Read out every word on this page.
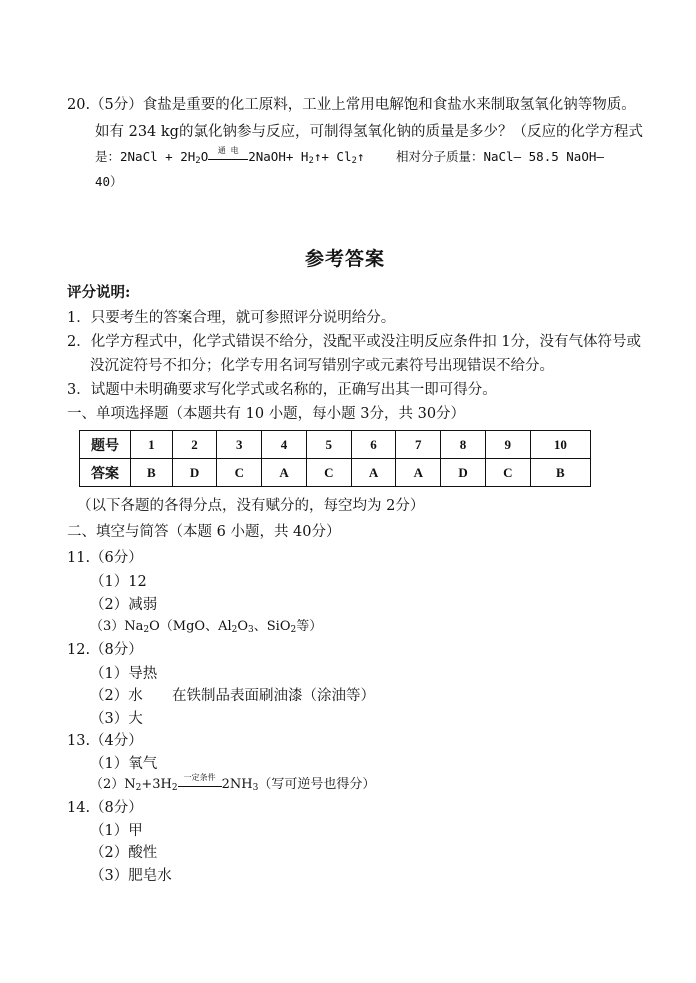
20.（5分）食盐是重要的化工原料，工业上常用电解饱和食盐水来制取氢氧化钠等物质。
如有 234 kg的氯化钠参与反应，可制得氢氧化钠的质量是多少？（反应的化学方程式
是：2NaCl + $2H_2O$	通 电 2NaOH+ $H_2↑+$ $Cl_2↑$	相对分子质量：NaCl— 58.5 NaOH—
40）
参考答案
评分说明:
1．只要考生的答案合理，就可参照评分说明给分。
2．化学方程式中，化学式错误不给分，没配平或没注明反应条件扣 1分，没有气体符号或
没沉淀符号不扣分；化学专用名词写错别字或元素符号出现错误不给分。
3．试题中未明确要求写化学式或名称的，正确写出其一即可得分。
一、单项选择题（本题共有 10 小题，每小题 3分，共 30分）
题号	1	2	3	4	5	6	7	8	9	10
答案	B	D	C	A	C	A	A	D	C	B
（以下各题的各得分点，没有赋分的，每空均为 2分）
二、填空与简答（本题 6 小题，共 40分）
11.（6分）
（1）12
（2）减弱
$(3)Na_2O(MgO$、$Al_2O_3$、SiO$_2$等）
12.（8分）
（1）导热
（2）水 在铁制品表面刷油漆（涂油等）
（3）大
13.（4分）
（1）氧气
$(2)N_2+3H_2$
一定条件 $2NH_3$（写可逆号也得分）
14.（8分）
（1）甲
（2）酸性
（3）肥皂水
